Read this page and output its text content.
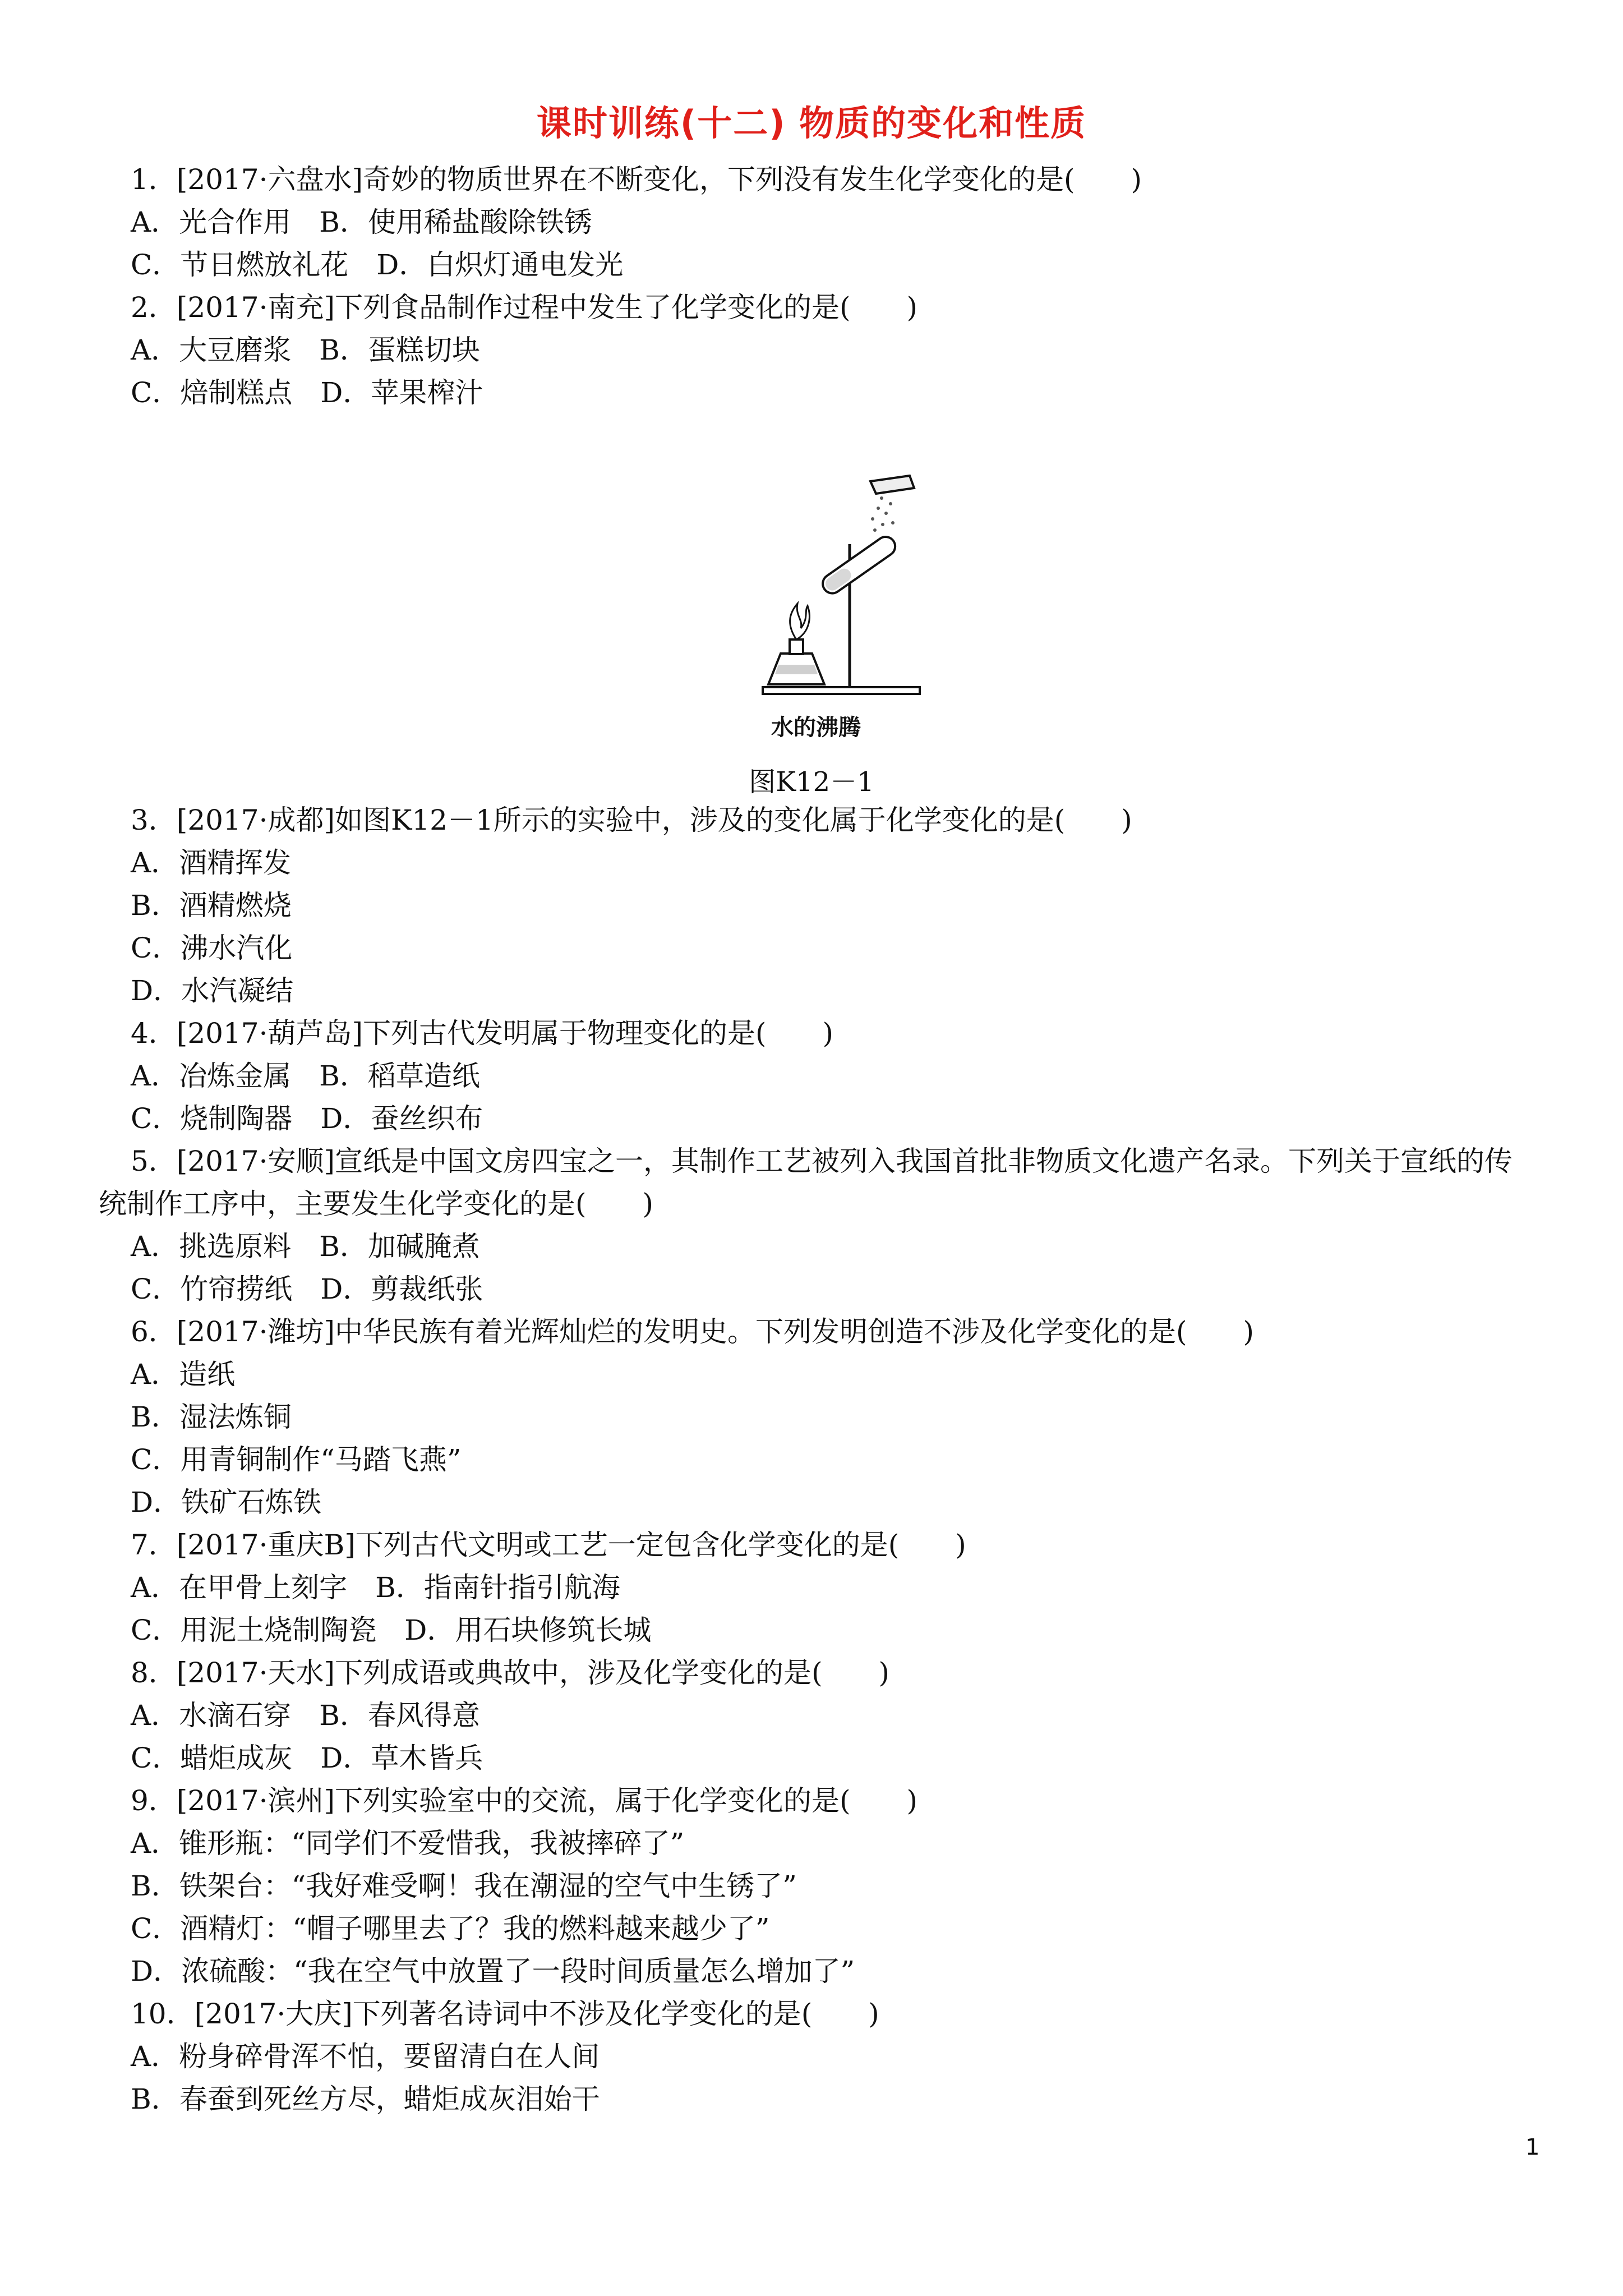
课时训练(十二) 物质的变化和性质
1．[2017·六盘水]奇妙的物质世界在不断变化，下列没有发生化学变化的是(　　)
A．光合作用　B．使用稀盐酸除铁锈
C．节日燃放礼花　D．白炽灯通电发光
2．[2017·南充]下列食品制作过程中发生了化学变化的是(　　)
A．大豆磨浆　B．蛋糕切块
C．焙制糕点　D．苹果榨汁
水的沸腾
图K12－1
3．[2017·成都]如图K12－1所示的实验中，涉及的变化属于化学变化的是(　　)
A．酒精挥发
B．酒精燃烧
C．沸水汽化
D．水汽凝结
4．[2017·葫芦岛]下列古代发明属于物理变化的是(　　)
A．冶炼金属　B．稻草造纸
C．烧制陶器　D．蚕丝织布
5．[2017·安顺]宣纸是中国文房四宝之一，其制作工艺被列入我国首批非物质文化遗产名录。下列关于宣纸的传
统制作工序中，主要发生化学变化的是(　　)
A．挑选原料　B．加碱腌煮
C．竹帘捞纸　D．剪裁纸张
6．[2017·潍坊]中华民族有着光辉灿烂的发明史。下列发明创造不涉及化学变化的是(　　)
A．造纸
B．湿法炼铜
C．用青铜制作“马踏飞燕”
D．铁矿石炼铁
7．[2017·重庆B]下列古代文明或工艺一定包含化学变化的是(　　)
A．在甲骨上刻字　B．指南针指引航海
C．用泥土烧制陶瓷　D．用石块修筑长城
8．[2017·天水]下列成语或典故中，涉及化学变化的是(　　)
A．水滴石穿　B．春风得意
C．蜡炬成灰　D．草木皆兵
9．[2017·滨州]下列实验室中的交流，属于化学变化的是(　　)
A．锥形瓶：“同学们不爱惜我，我被摔碎了”
B．铁架台：“我好难受啊！我在潮湿的空气中生锈了”
C．酒精灯：“帽子哪里去了？我的燃料越来越少了”
D．浓硫酸：“我在空气中放置了一段时间质量怎么增加了”
10．[2017·大庆]下列著名诗词中不涉及化学变化的是(　　)
A．粉身碎骨浑不怕，要留清白在人间
B．春蚕到死丝方尽，蜡炬成灰泪始干
1
